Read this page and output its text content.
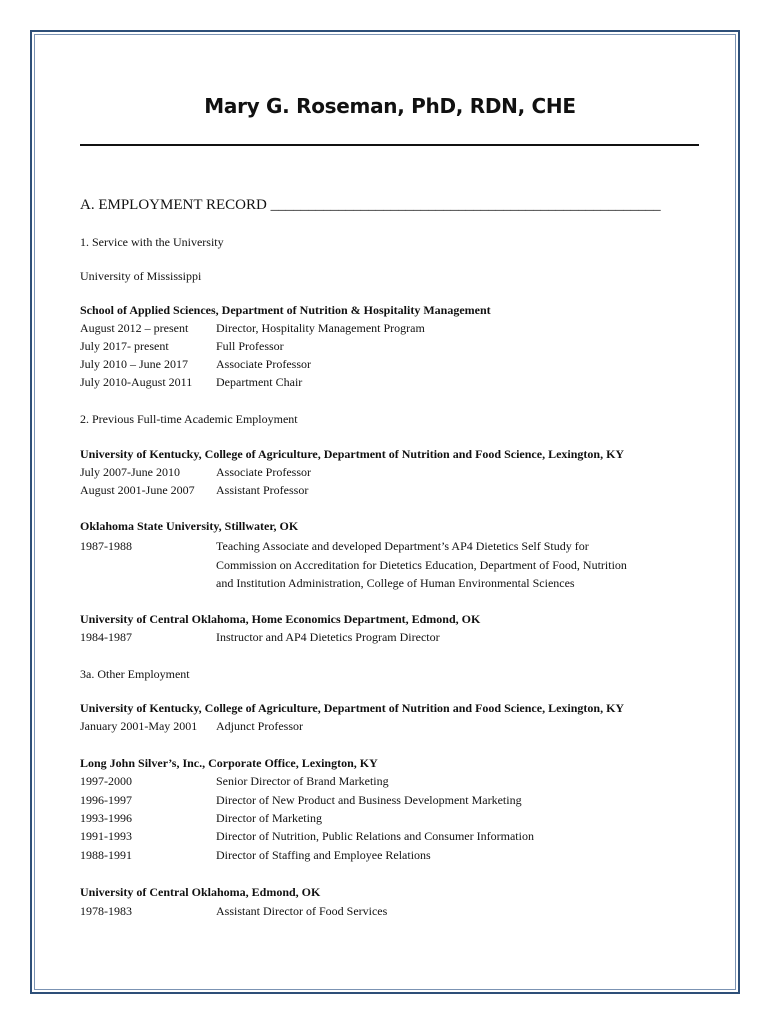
Mary G. Roseman, PhD, RDN, CHE
A. EMPLOYMENT RECORD ____________________________________________________
1. Service with the University
University of Mississippi
School of Applied Sciences, Department of Nutrition & Hospitality Management
August 2012 – present Director, Hospitality Management Program
July 2017- present	Full Professor
July 2010 – June 2017 Associate Professor
July 2010-August 2011 Department Chair
2. Previous Full-time Academic Employment
University of Kentucky, College of Agriculture, Department of Nutrition and Food Science, Lexington, KY
July 2007-June 2010	Associate Professor
August 2001-June 2007 Assistant Professor
Oklahoma State University, Stillwater, OK
1987-1988	Teaching Associate and developed Department’s AP4 Dietetics Self Study for
Commission on Accreditation for Dietetics Education, Department of Food, Nutrition
and Institution Administration, College of Human Environmental Sciences
University of Central Oklahoma, Home Economics Department, Edmond, OK
1984-1987	Instructor and AP4 Dietetics Program Director
3a. Other Employment
University of Kentucky, College of Agriculture, Department of Nutrition and Food Science, Lexington, KY
January 2001-May 2001 Adjunct Professor
Long John Silver’s, Inc., Corporate Office, Lexington, KY
1997-2000	Senior Director of Brand Marketing
1996-1997	Director of New Product and Business Development Marketing
1993-1996	Director of Marketing
1991-1993	Director of Nutrition, Public Relations and Consumer Information
1988-1991	Director of Staffing and Employee Relations
University of Central Oklahoma, Edmond, OK
1978-1983	Assistant Director of Food Services
